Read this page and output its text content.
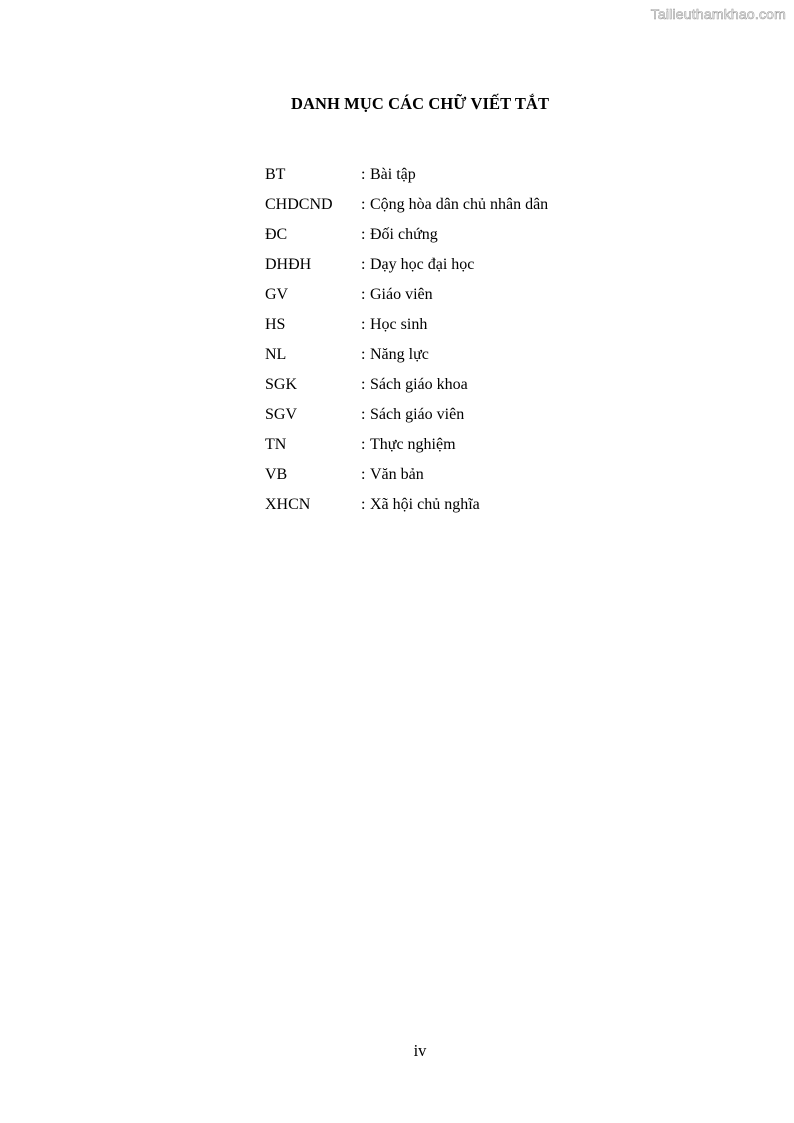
Tailieuthamkhao.com
DANH MỤC CÁC CHỮ VIẾT TẮT
BT	: Bài tập
CHDCND	: Cộng hòa dân chủ nhân dân
ĐC	: Đối chứng
DHĐH	: Dạy học đại học
GV	: Giáo viên
HS	: Học sinh
NL	: Năng lực
SGK	: Sách giáo khoa
SGV	: Sách giáo viên
TN	: Thực nghiệm
VB	: Văn bản
XHCN	: Xã hội chủ nghĩa
iv
